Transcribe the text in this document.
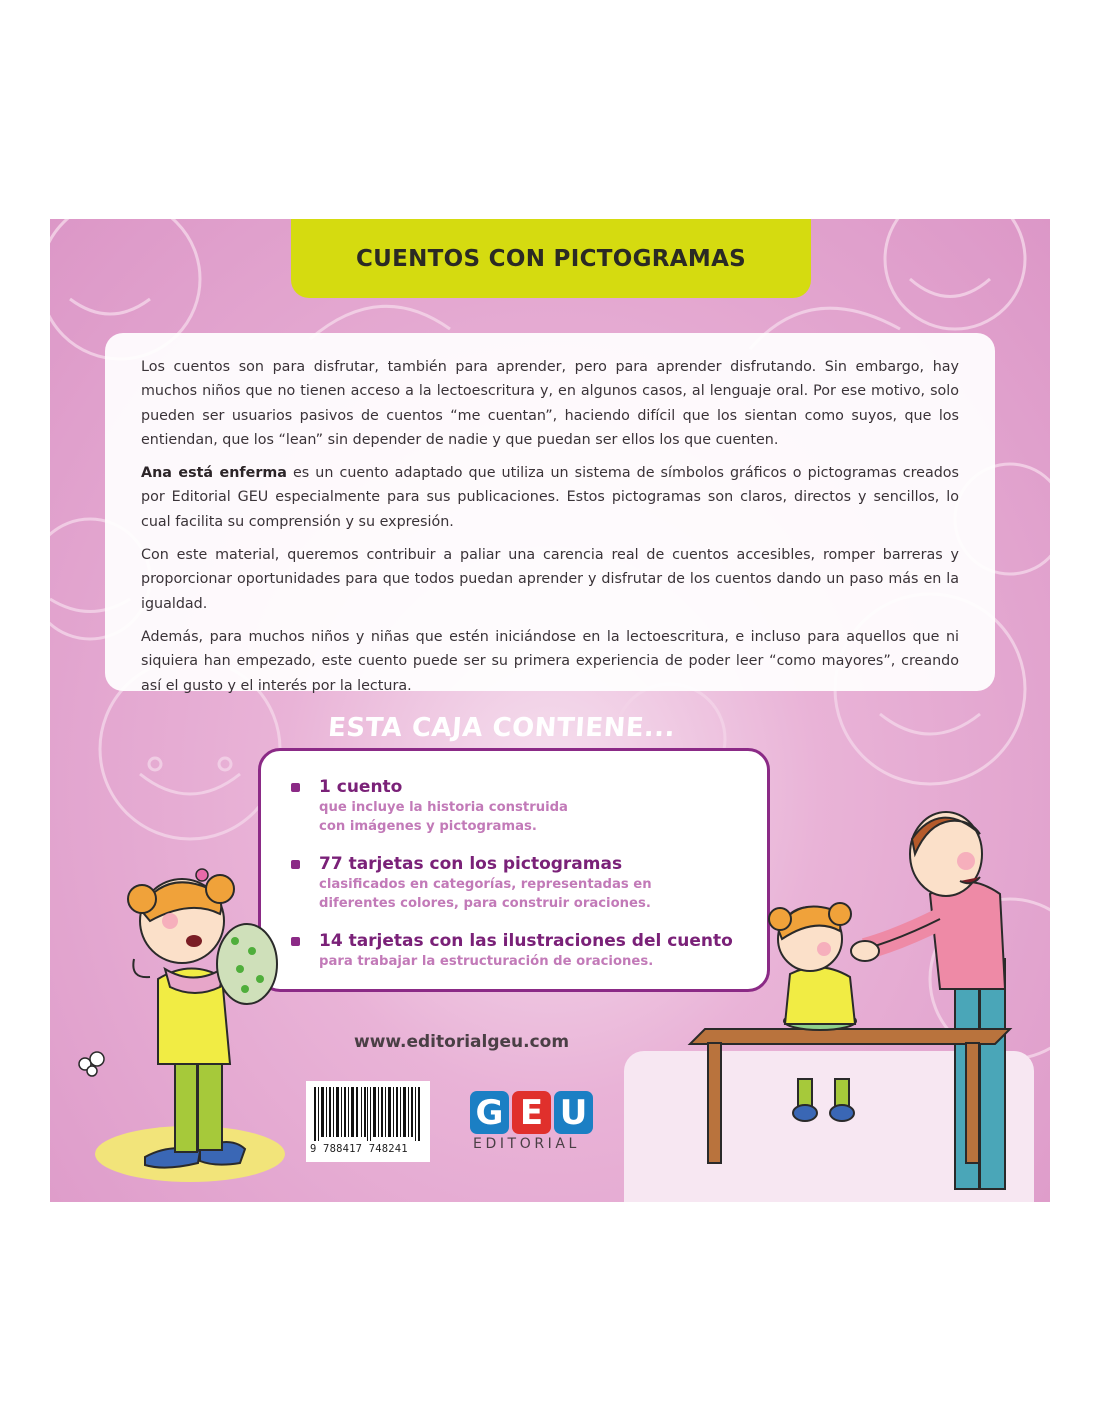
CUENTOS CON PICTOGRAMAS

Los cuentos son para disfrutar, también para aprender, pero para aprender disfrutando. Sin embargo, hay muchos niños que no tienen acceso a la lectoescritura y, en algunos casos, al lenguaje oral. Por ese motivo, solo pueden ser usuarios pasivos de cuentos “me cuentan”, haciendo difícil que los sientan como suyos, que los entiendan, que los “lean” sin depender de nadie y que puedan ser ellos los que cuenten.

Ana está enferma es un cuento adaptado que utiliza un sistema de símbolos gráficos o pictogramas creados por Editorial GEU especialmente para sus publicaciones. Estos pictogramas son claros, directos y sencillos, lo cual facilita su comprensión y su expresión.

Con este material, queremos contribuir a paliar una carencia real de cuentos accesibles, romper barreras y proporcionar oportunidades para que todos puedan aprender y disfrutar de los cuentos dando un paso más en la igualdad.

Además, para muchos niños y niñas que estén iniciándose en la lectoescritura, e incluso para aquellos que ni siquiera han empezado, este cuento puede ser su primera experiencia de poder leer “como mayores”, creando así el gusto y el interés por la lectura.

ESTA CAJA CONTIENE...
1 cuento
que incluye la historia construida
con imágenes y pictogramas.
77 tarjetas con los pictogramas
clasificados en categorías, representadas en
diferentes colores, para construir oraciones.
14 tarjetas con las ilustraciones del cuento
para trabajar la estructuración de oraciones.
www.editorialgeu.com
9 788417 748241
G E U
EDITORIAL
